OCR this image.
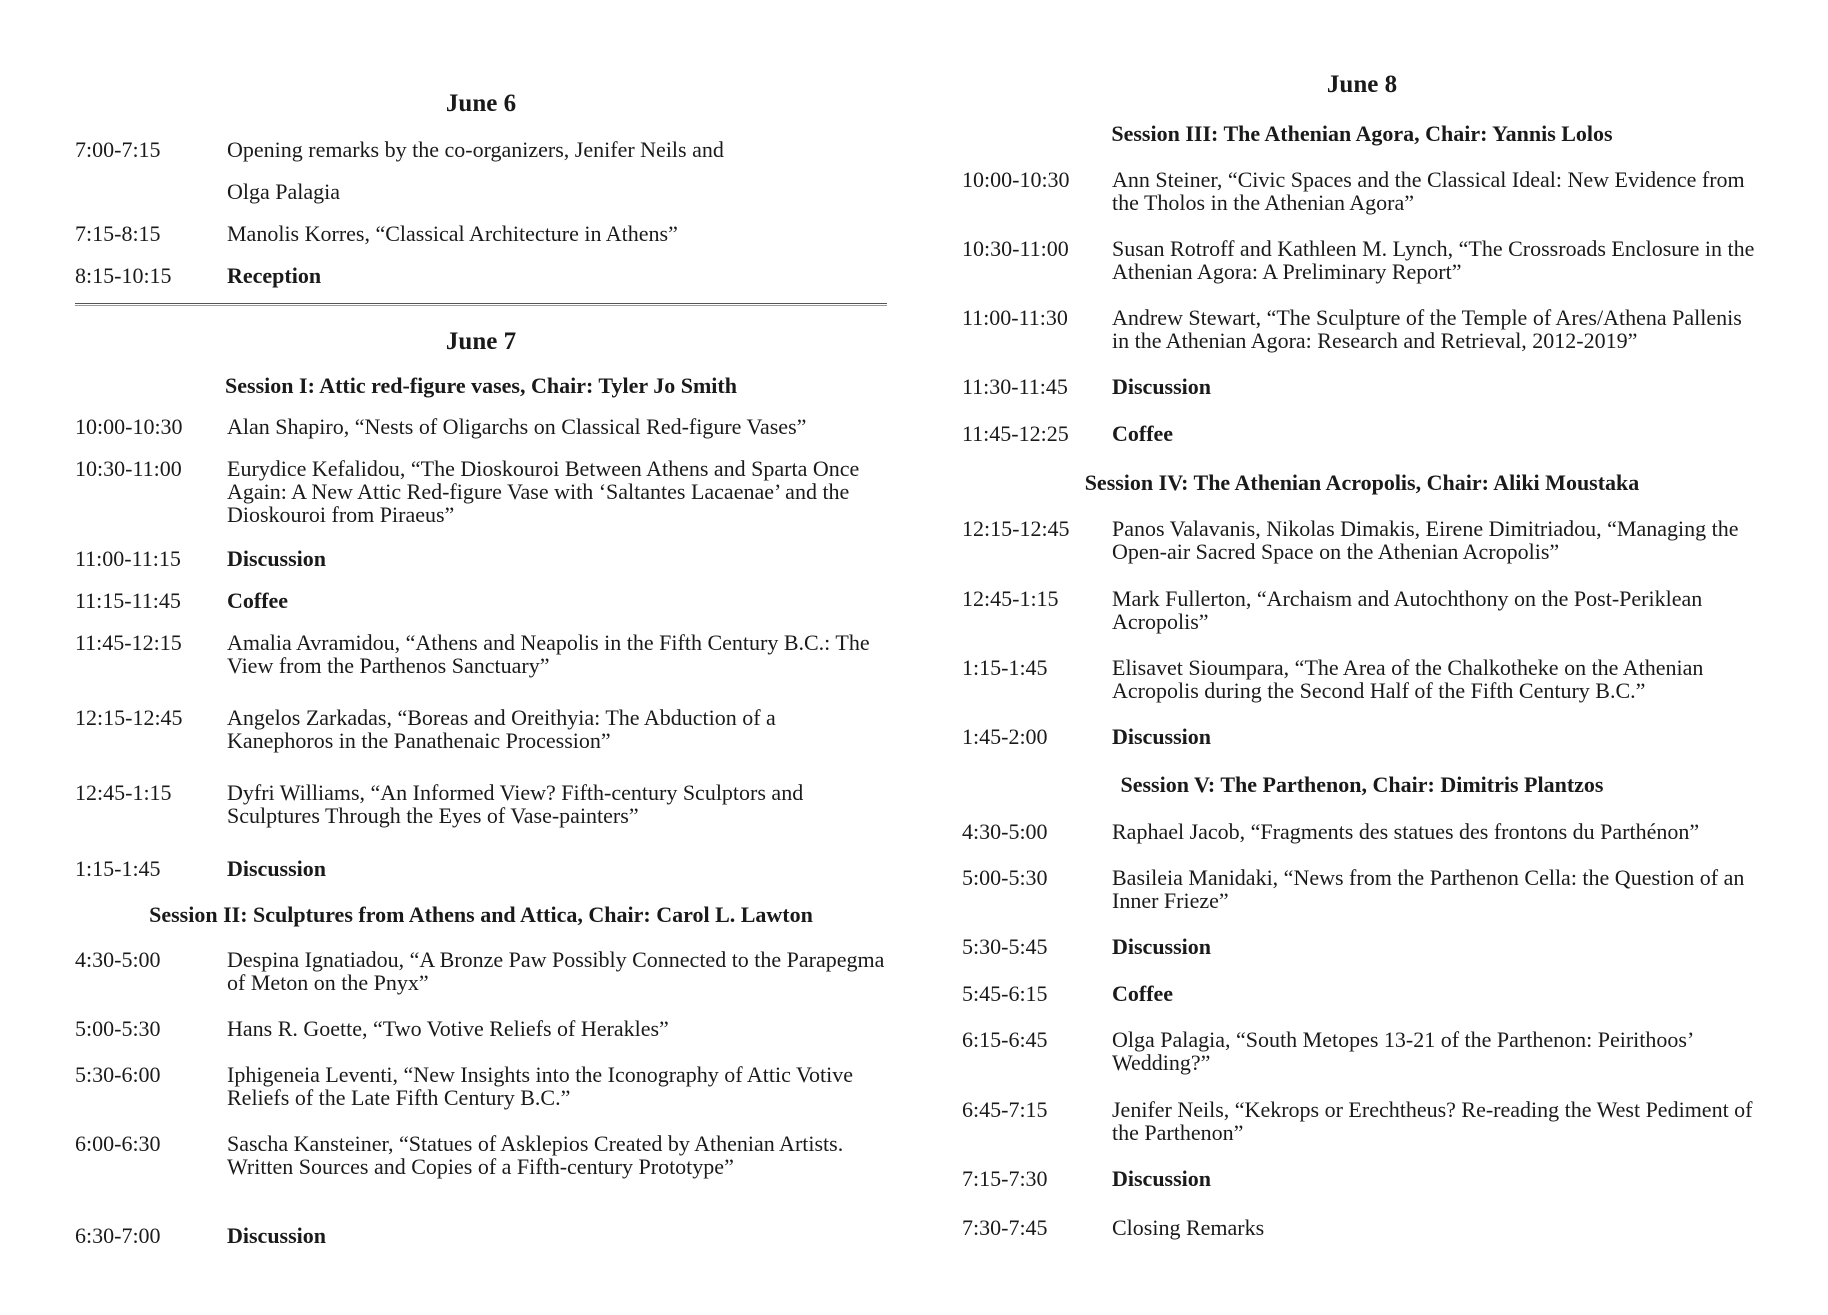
June 6
7:00-7:15	Opening remarks by the co-organizers, Jenifer Neils and
Olga Palagia
7:15-8:15	Manolis Korres, “Classical Architecture in Athens”
8:15-10:15	Reception
June 7
Session I: Attic red-figure vases, Chair: Tyler Jo Smith
10:00-10:30	Alan Shapiro, “Nests of Oligarchs on Classical Red-figure Vases”
10:30-11:00	Eurydice Kefalidou, “The Dioskouroi Between Athens and Sparta Once Again: A New Attic Red-figure Vase with ‘Saltantes Lacaenae’ and the Dioskouroi from Piraeus”
11:00-11:15	Discussion
11:15-11:45	Coffee
11:45-12:15	Amalia Avramidou, “Athens and Neapolis in the Fifth Century B.C.: The View from the Parthenos Sanctuary”
12:15-12:45	Angelos Zarkadas, “Boreas and Oreithyia: The Abduction of a Kanephoros in the Panathenaic Procession”
12:45-1:15	Dyfri Williams, “An Informed View? Fifth-century Sculptors and Sculptures Through the Eyes of Vase-painters”
1:15-1:45	Discussion
Session II: Sculptures from Athens and Attica, Chair: Carol L. Lawton
4:30-5:00	Despina Ignatiadou, “A Bronze Paw Possibly Connected to the Parapegma of Meton on the Pnyx”
5:00-5:30	Hans R. Goette, “Two Votive Reliefs of Herakles”
5:30-6:00	Iphigeneia Leventi, “New Insights into the Iconography of Attic Votive Reliefs of the Late Fifth Century B.C.”
6:00-6:30	Sascha Kansteiner, “Statues of Asklepios Created by Athenian Artists. Written Sources and Copies of a Fifth-century Prototype”
6:30-7:00	Discussion
June 8
Session III: The Athenian Agora, Chair: Yannis Lolos
10:00-10:30	Ann Steiner, “Civic Spaces and the Classical Ideal: New Evidence from the Tholos in the Athenian Agora”
10:30-11:00	Susan Rotroff and Kathleen M. Lynch, “The Crossroads Enclosure in the Athenian Agora: A Preliminary Report”
11:00-11:30	Andrew Stewart, “The Sculpture of the Temple of Ares/Athena Pallenis in the Athenian Agora: Research and Retrieval, 2012-2019”
11:30-11:45	Discussion
11:45-12:25	Coffee
Session IV: The Athenian Acropolis, Chair: Aliki Moustaka
12:15-12:45	Panos Valavanis, Nikolas Dimakis, Eirene Dimitriadou, “Managing the Open-air Sacred Space on the Athenian Acropolis”
12:45-1:15	Mark Fullerton, “Archaism and Autochthony on the Post-Periklean Acropolis”
1:15-1:45	Elisavet Sioumpara, “The Area of the Chalkotheke on the Athenian Acropolis during the Second Half of the Fifth Century B.C.”
1:45-2:00	Discussion
Session V: The Parthenon, Chair: Dimitris Plantzos
4:30-5:00	Raphael Jacob, “Fragments des statues des frontons du Parthénon”
5:00-5:30	Basileia Manidaki, “News from the Parthenon Cella: the Question of an Inner Frieze”
5:30-5:45	Discussion
5:45-6:15	Coffee
6:15-6:45	Olga Palagia, “South Metopes 13-21 of the Parthenon: Peirithoos’ Wedding?”
6:45-7:15	Jenifer Neils, “Kekrops or Erechtheus? Re-reading the West Pediment of the Parthenon”
7:15-7:30	Discussion
7:30-7:45	Closing Remarks
